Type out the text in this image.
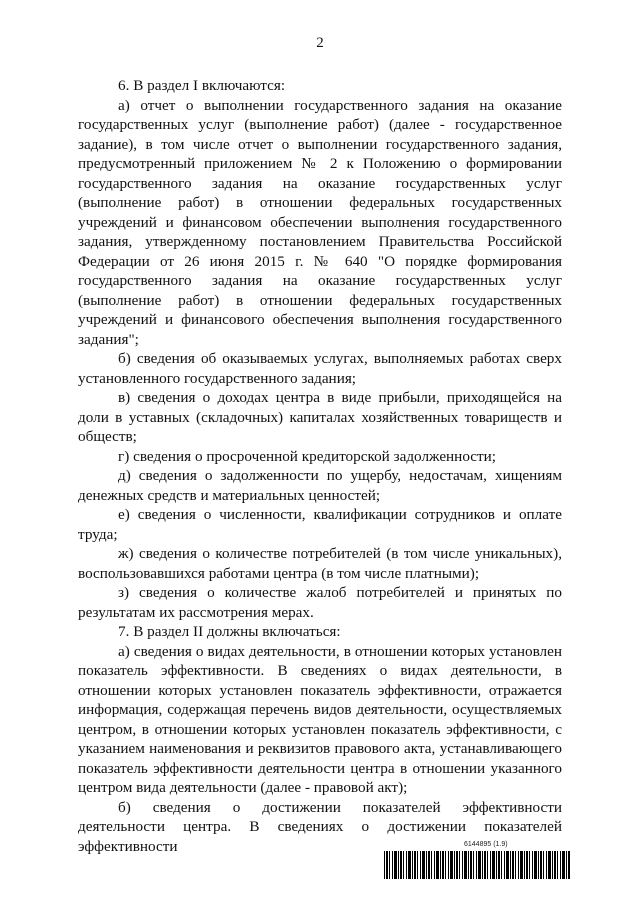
2

6. В раздел I включаются:

а) отчет о выполнении государственного задания на оказание государственных услуг (выполнение работ) (далее - государственное задание), в том числе отчет о выполнении государственного задания, предусмотренный приложением № 2 к Положению о формировании государственного задания на оказание государственных услуг (выполнение работ) в отношении федеральных государственных учреждений и финансовом обеспечении выполнения государственного задания, утвержденному постановлением Правительства Российской Федерации от 26 июня 2015 г. № 640 "О порядке формирования государственного задания на оказание государственных услуг (выполнение работ) в отношении федеральных государственных учреждений и финансового обеспечения выполнения государственного задания";

б) сведения об оказываемых услугах, выполняемых работах сверх установленного государственного задания;

в) сведения о доходах центра в виде прибыли, приходящейся на доли в уставных (складочных) капиталах хозяйственных товариществ и обществ;

г) сведения о просроченной кредиторской задолженности;

д) сведения о задолженности по ущербу, недостачам, хищениям денежных средств и материальных ценностей;

е) сведения о численности, квалификации сотрудников и оплате труда;

ж) сведения о количестве потребителей (в том числе уникальных), воспользовавшихся работами центра (в том числе платными);

з) сведения о количестве жалоб потребителей и принятых по результатам их рассмотрения мерах.

7. В раздел II должны включаться:

а) сведения о видах деятельности, в отношении которых установлен показатель эффективности. В сведениях о видах деятельности, в отношении которых установлен показатель эффективности, отражается информация, содержащая перечень видов деятельности, осуществляемых центром, в отношении которых установлен показатель эффективности, с указанием наименования и реквизитов правового акта, устанавливающего показатель эффективности деятельности центра в отношении указанного центром вида деятельности (далее - правовой акт);

б) сведения о достижении показателей эффективности деятельности центра. В сведениях о достижении показателей эффективности	6144895 (1.9)
